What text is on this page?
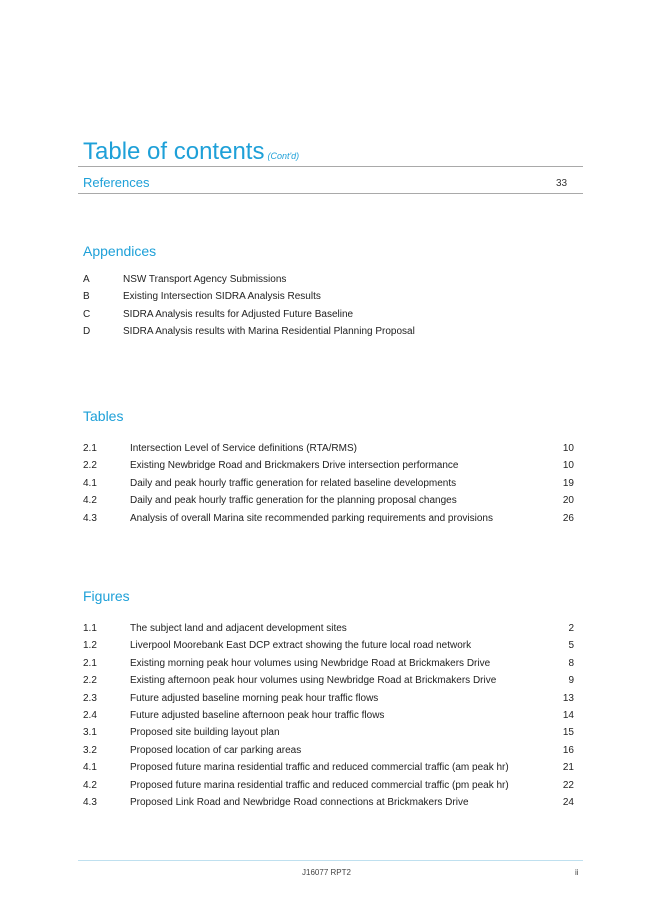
Table of contents (Cont'd)
References	33
Appendices
A	NSW Transport Agency Submissions
B	Existing Intersection SIDRA Analysis Results
C	SIDRA Analysis results for Adjusted Future Baseline
D	SIDRA Analysis results with Marina Residential Planning Proposal
Tables
2.1	Intersection Level of Service definitions (RTA/RMS)	10
2.2	Existing Newbridge Road and Brickmakers Drive intersection performance	10
4.1	Daily and peak hourly traffic generation for related baseline developments	19
4.2	Daily and peak hourly traffic generation for the planning proposal changes	20
4.3	Analysis of overall Marina site recommended parking requirements and provisions	26
Figures
1.1	The subject land and adjacent development sites	2
1.2	Liverpool Moorebank East DCP extract showing the future local road network	5
2.1	Existing morning peak hour volumes using Newbridge Road at Brickmakers Drive	8
2.2	Existing afternoon peak hour volumes using Newbridge Road at Brickmakers Drive	9
2.3	Future adjusted baseline morning peak hour traffic flows	13
2.4	Future adjusted baseline afternoon peak hour traffic flows	14
3.1	Proposed site building layout plan	15
3.2	Proposed location of car parking areas	16
4.1	Proposed future marina residential traffic and reduced commercial traffic (am peak hr)	21
4.2	Proposed future marina residential traffic and reduced commercial traffic (pm peak hr)	22
4.3	Proposed Link Road and Newbridge Road connections at Brickmakers Drive	24
J16077 RPT2	ii
